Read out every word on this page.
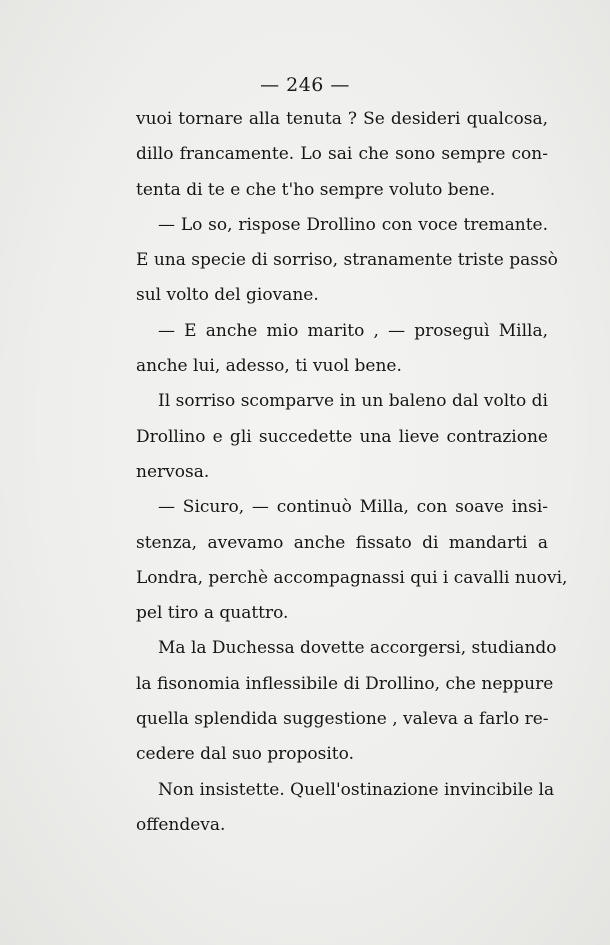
— 246 —
vuoi tornare alla tenuta ? Se desideri qualcosa,
dillo francamente. Lo sai che sono sempre con-
tenta di te e che t'ho sempre voluto bene.
— Lo so, rispose Drollino con voce tremante.
E una specie di sorriso, stranamente triste passò
sul volto del giovane.
— E anche mio marito , — proseguì Milla,
anche lui, adesso, ti vuol bene.
Il sorriso scomparve in un baleno dal volto di
Drollino e gli succedette una lieve contrazione
nervosa.
— Sicuro, — continuò Milla, con soave insi-
stenza, avevamo anche fissato di mandarti a
Londra, perchè accompagnassi qui i cavalli nuovi,
pel tiro a quattro.
Ma la Duchessa dovette accorgersi, studiando
la fisonomia inflessibile di Drollino, che neppure
quella splendida suggestione , valeva a farlo re-
cedere dal suo proposito.
Non insistette. Quell'ostinazione invincibile la
offendeva.
